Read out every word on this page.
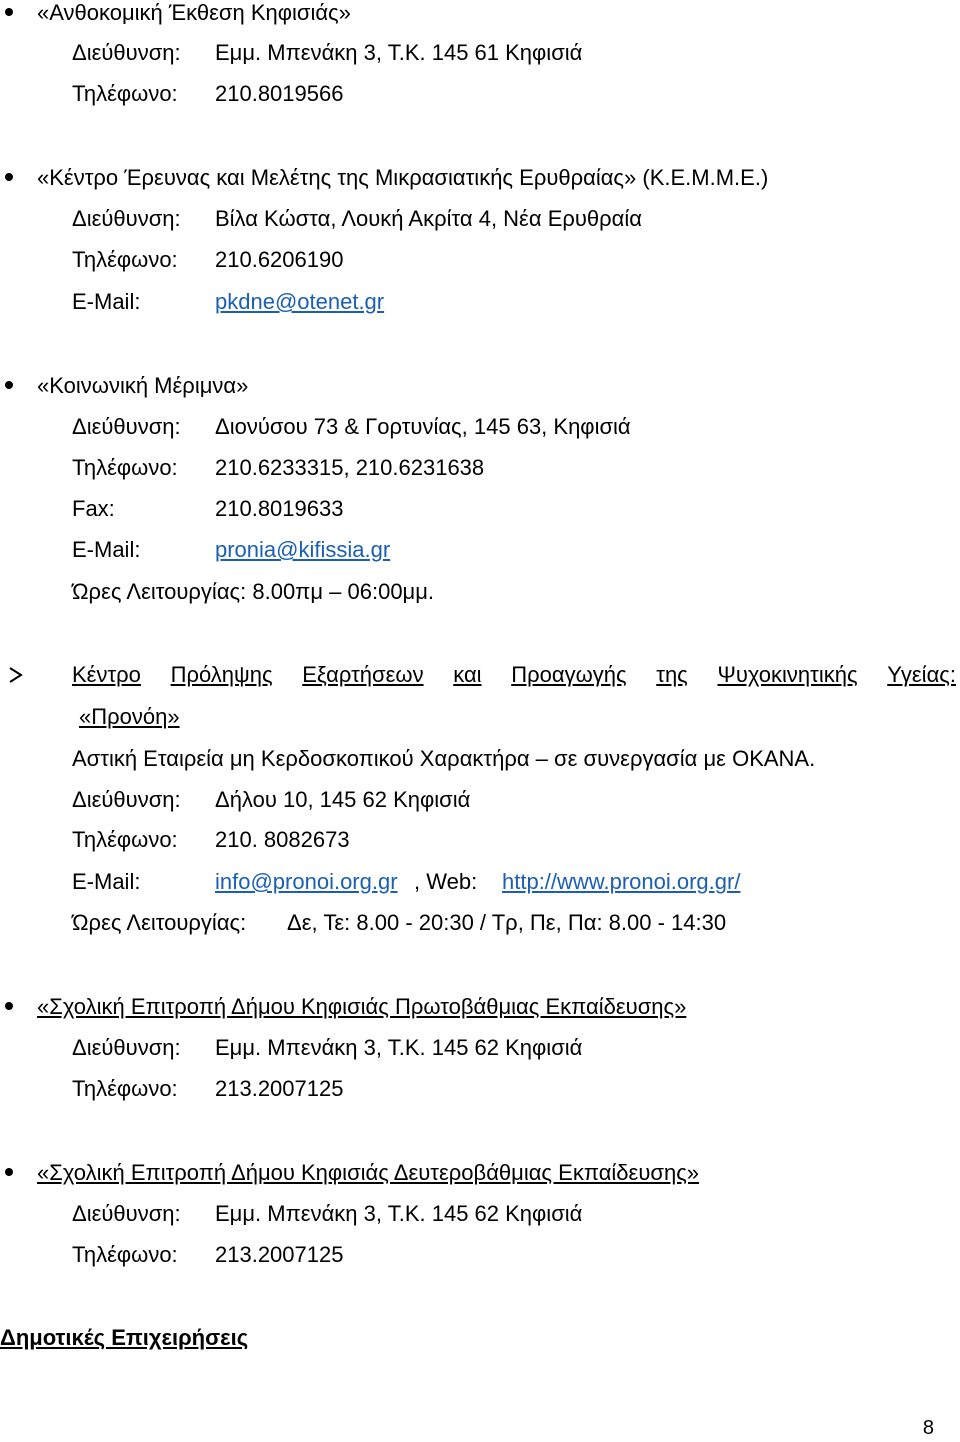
«Ανθοκομική Έκθεση Κηφισιάς»
Διεύθυνση: Εμμ. Μπενάκη 3, Τ.Κ. 145 61 Κηφισιά
Τηλέφωνο: 210.8019566
«Κέντρο Έρευνας και Μελέτης της Μικρασιατικής Ερυθραίας» (Κ.Ε.Μ.Μ.Ε.)
Διεύθυνση: Βίλα Κώστα, Λουκή Ακρίτα 4, Νέα Ερυθραία
Τηλέφωνο: 210.6206190
E-Mail:	pkdne@otenet.gr
«Κοινωνική Μέριμνα»
Διεύθυνση: Διονύσου 73 & Γορτυνίας, 145 63, Κηφισιά
Τηλέφωνο: 210.6233315, 210.6231638
Fax:	210.8019633
E-Mail:	pronia@kifissia.gr
Ώρες Λειτουργίας: 8.00πμ – 06:00μμ.
Κέντρο Πρόληψης Εξαρτήσεων και Προαγωγής της Ψυχοκινητικής Υγείας:
«Προνόη»
Αστική Εταιρεία μη Κερδοσκοπικού Χαρακτήρα – σε συνεργασία με ΟΚΑΝΑ.
Διεύθυνση: Δήλου 10, 145 62 Κηφισιά
Τηλέφωνο: 210. 8082673
E-Mail:	info@pronoi.org.gr , Web: http://www.pronoi.org.gr/
Ώρες Λειτουργίας: Δε, Τε: 8.00 - 20:30 / Τρ, Πε, Πα: 8.00 - 14:30
«Σχολική Επιτροπή Δήμου Κηφισιάς Πρωτοβάθμιας Εκπαίδευσης»
Διεύθυνση: Εμμ. Μπενάκη 3, Τ.Κ. 145 62 Κηφισιά
Τηλέφωνο: 213.2007125
«Σχολική Επιτροπή Δήμου Κηφισιάς Δευτεροβάθμιας Εκπαίδευσης»
Διεύθυνση: Εμμ. Μπενάκη 3, Τ.Κ. 145 62 Κηφισιά
Τηλέφωνο: 213.2007125
Δημοτικές Επιχειρήσεις
8
